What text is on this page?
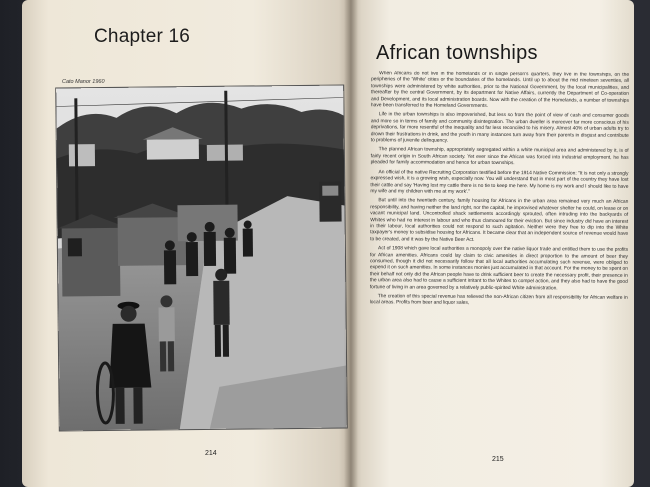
Chapter 16
Cato Manor 1960
214
African townships

When Africans do not live in the homelands or in single person's quarters, they live in the townships, on the peripheries of the 'White' cities or the boundaries of the homelands. Until up to about the mid nineteen seventies, all townships were administered by white authorities, prior to the National Government, by the local municipalities, and thereafter by the central Government, by its department for Native Affairs, currently the Department of Co-operation and Development, and its local administration boards. Now with the creation of the Homelands, a number of townships have been transferred to the Homeland Governments.

Life in the urban townships is also impoverished, but less so from the point of view of cash and consumer goods and more so in terms of family and community disintegration. The urban dweller is moreover far more conscious of his deprivations, far more resentful of the inequality and far less reconciled to his misery. Almost 40% of urban adults try to drown their frustrations in drink, and the youth in many instances turn away from their parents in disgust and contribute to problems of juvenile delinquency.

The planned African township, appropriately segregated within a white municipal area and administered by it, is of fairly recent origin in South African society. Yet ever since the African was forced into industrial employment, he has pleaded for family accommodation and hence for urban townships.

An official of the native Recruiting Corporation testified before the 1914 Native Commission: "It is not only a strongly expressed wish, it is a growing wish, especially now. You will understand that in most part of the country they have lost their cattle and say 'Having lost my cattle there is no tie to keep me here. My home is my work and I should like to have my wife and my children with me at my work'."

But until into the twentieth century, family housing for Africans in the urban area remained very much an African responsibility, and having neither the land right, nor the capital, he improvised whatever shelter he could, on lease or on vacant municipal land. Uncontrolled shack settlements accordingly sprouted, often intruding into the backyards of Whites who had no interest in labour and who thus clamoured for their eviction. But since industry did have an interest in their labour, local authorities could not respond to such agitation. Neither were they free to dip into the White taxpayer's money to subsidise housing for Africans. It became clear that an independent source of revenue would have to be created, and it was by the Native Beer Act.

Act of 1908 which gave local authorities a monopoly over the native liquor trade and entitled them to use the profits for African amenities. Africans could lay claim to civic amenities in direct proportion to the amount of beer they consumed, though it did not necessarily follow that all local authorities accumulating such revenue, were obliged to expend it on such amenities. In some instances monies just accumulated in that account. For the money to be spent on their behalf not only did the African people have to drink sufficient beer to create the necessary profit, their presence in the urban area also had to cause a sufficient irritant to the Whites to compel action, and they also had to have the good fortune of living in an area governed by a relatively public-spirited White administration.

The creation of this special revenue has relieved the non-African citizen from all responsibility for African welfare in local areas. Profits from beer and liquor sales,

215
